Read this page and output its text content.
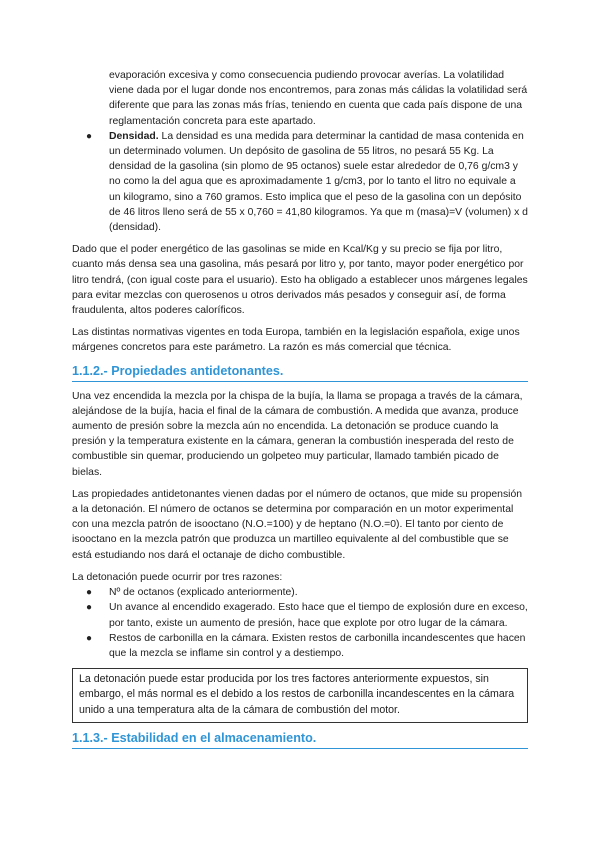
evaporación excesiva y como consecuencia pudiendo provocar averías. La volatilidad viene dada por el lugar donde nos encontremos, para zonas más cálidas la volatilidad será diferente que para las zonas más frías, teniendo en cuenta que cada país dispone de una reglamentación concreta para este apartado.

● Densidad. La densidad es una medida para determinar la cantidad de masa contenida en un determinado volumen. Un depósito de gasolina de 55 litros, no pesará 55 Kg. La densidad de la gasolina (sin plomo de 95 octanos) suele estar alrededor de 0,76 g/cm3 y no como la del agua que es aproximadamente 1 g/cm3, por lo tanto el litro no equivale a un kilogramo, sino a 760 gramos. Esto implica que el peso de la gasolina con un depósito de 46 litros lleno será de 55 x 0,760 = 41,80 kilogramos. Ya que m (masa)=V (volumen) x d (densidad).

Dado que el poder energético de las gasolinas se mide en Kcal/Kg y su precio se fija por litro, cuanto más densa sea una gasolina, más pesará por litro y, por tanto, mayor poder energético por litro tendrá, (con igual coste para el usuario). Esto ha obligado a establecer unos márgenes legales para evitar mezclas con querosenos u otros derivados más pesados y conseguir así, de forma fraudulenta, altos poderes caloríficos.

Las distintas normativas vigentes en toda Europa, también en la legislación española, exige unos márgenes concretos para este parámetro. La razón es más comercial que técnica.

1.1.2.- Propiedades antidetonantes.

Una vez encendida la mezcla por la chispa de la bujía, la llama se propaga a través de la cámara, alejándose de la bujía, hacia el final de la cámara de combustión. A medida que avanza, produce aumento de presión sobre la mezcla aún no encendida. La detonación se produce cuando la presión y la temperatura existente en la cámara, generan la combustión inesperada del resto de combustible sin quemar, produciendo un golpeteo muy particular, llamado también picado de bielas.

Las propiedades antidetonantes vienen dadas por el número de octanos, que mide su propensión a la detonación. El número de octanos se determina por comparación en un motor experimental con una mezcla patrón de isooctano (N.O.=100) y de heptano (N.O.=0). El tanto por ciento de isooctano en la mezcla patrón que produzca un martilleo equivalente al del combustible que se está estudiando nos dará el octanaje de dicho combustible.

La detonación puede ocurrir por tres razones:

● Nº de octanos (explicado anteriormente).
● Un avance al encendido exagerado. Esto hace que el tiempo de explosión dure en exceso, por tanto, existe un aumento de presión, hace que explote por otro lugar de la cámara.
● Restos de carbonilla en la cámara. Existen restos de carbonilla incandescentes que hacen que la mezcla se inflame sin control y a destiempo.

La detonación puede estar producida por los tres factores anteriormente expuestos, sin embargo, el más normal es el debido a los restos de carbonilla incandescentes en la cámara unido a una temperatura alta de la cámara de combustión del motor.

1.1.3.- Estabilidad en el almacenamiento.
